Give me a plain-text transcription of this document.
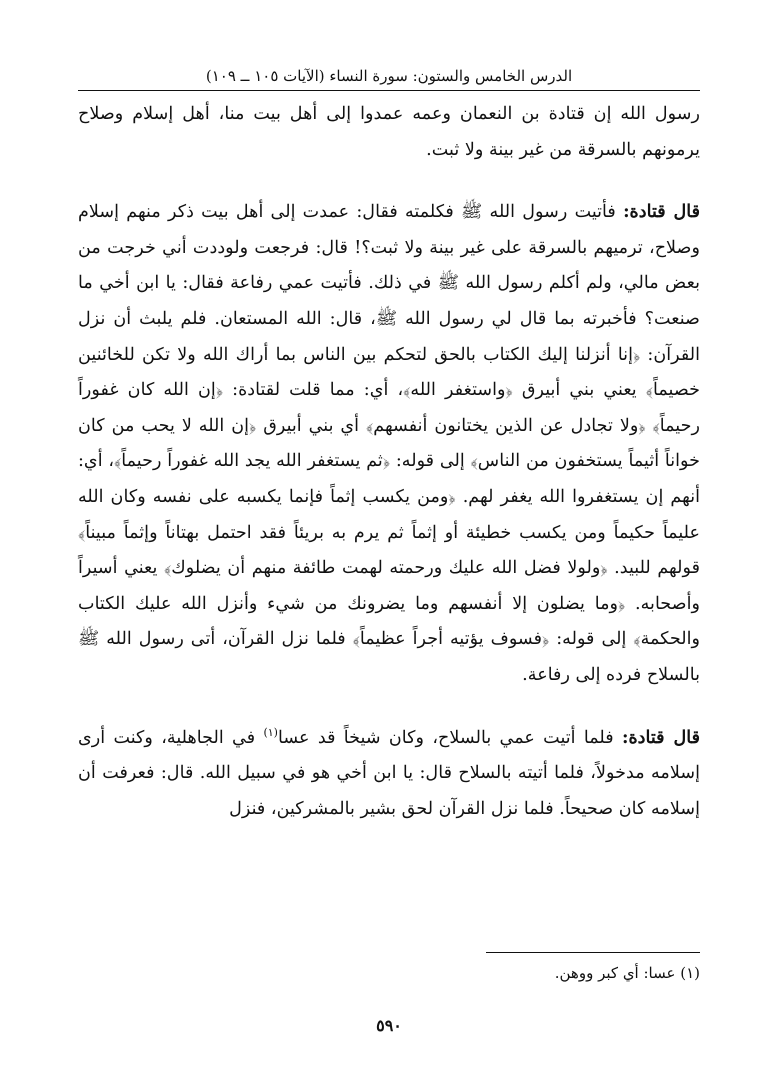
الدرس الخامس والستون: سورة النساء (الآيات ١٠٥ ــ ١٠٩)

رسول الله إن قتادة بن النعمان وعمه عمدوا إلى أهل بيت منا، أهل إسلام وصلاح يرمونهم بالسرقة من غير بينة ولا ثبت.

قال قتادة: فأتيت رسول الله ﷺ فكلمته فقال: عمدت إلى أهل بيت ذكر منهم إسلام وصلاح، ترميهم بالسرقة على غير بينة ولا ثبت؟! قال: فرجعت ولوددت أني خرجت من بعض مالي، ولم أكلم رسول الله ﷺ في ذلك. فأتيت عمي رفاعة فقال: يا ابن أخي ما صنعت؟ فأخبرته بما قال لي رسول الله ﷺ، قال: الله المستعان. فلم يلبث أن نزل القرآن: ﴿إنا أنزلنا إليك الكتاب بالحق لتحكم بين الناس بما أراك الله ولا تكن للخائنين خصيماً﴾ يعني بني أبيرق ﴿واستغفر الله﴾، أي: مما قلت لقتادة: ﴿إن الله كان غفوراً رحيماً﴾ ﴿ولا تجادل عن الذين يختانون أنفسهم﴾ أي بني أبيرق ﴿إن الله لا يحب من كان خواناً أثيماً يستخفون من الناس﴾ إلى قوله: ﴿ثم يستغفر الله يجد الله غفوراً رحيماً﴾، أي: أنهم إن يستغفروا الله يغفر لهم. ﴿ومن يكسب إثماً فإنما يكسبه على نفسه وكان الله عليماً حكيماً ومن يكسب خطيئة أو إثماً ثم يرم به بريئاً فقد احتمل بهتاناً وإثماً مبيناً﴾ قولهم للبيد. ﴿ولولا فضل الله عليك ورحمته لهمت طائفة منهم أن يضلوك﴾ يعني أسيراً وأصحابه. ﴿وما يضلون إلا أنفسهم وما يضرونك من شيء وأنزل الله عليك الكتاب والحكمة﴾ إلى قوله: ﴿فسوف يؤتيه أجراً عظيماً﴾ فلما نزل القرآن، أتى رسول الله ﷺ بالسلاح فرده إلى رفاعة.

قال قتادة: فلما أتيت عمي بالسلاح، وكان شيخاً قد عسا$^{(١)}$ في الجاهلية، وكنت أرى إسلامه مدخولاً، فلما أتيته بالسلاح قال: يا ابن أخي هو في سبيل الله. قال: فعرفت أن إسلامه كان صحيحاً. فلما نزل القرآن لحق بشير بالمشركين، فنزل

(١) عسا: أي كبر ووهن.
٥٩٠
